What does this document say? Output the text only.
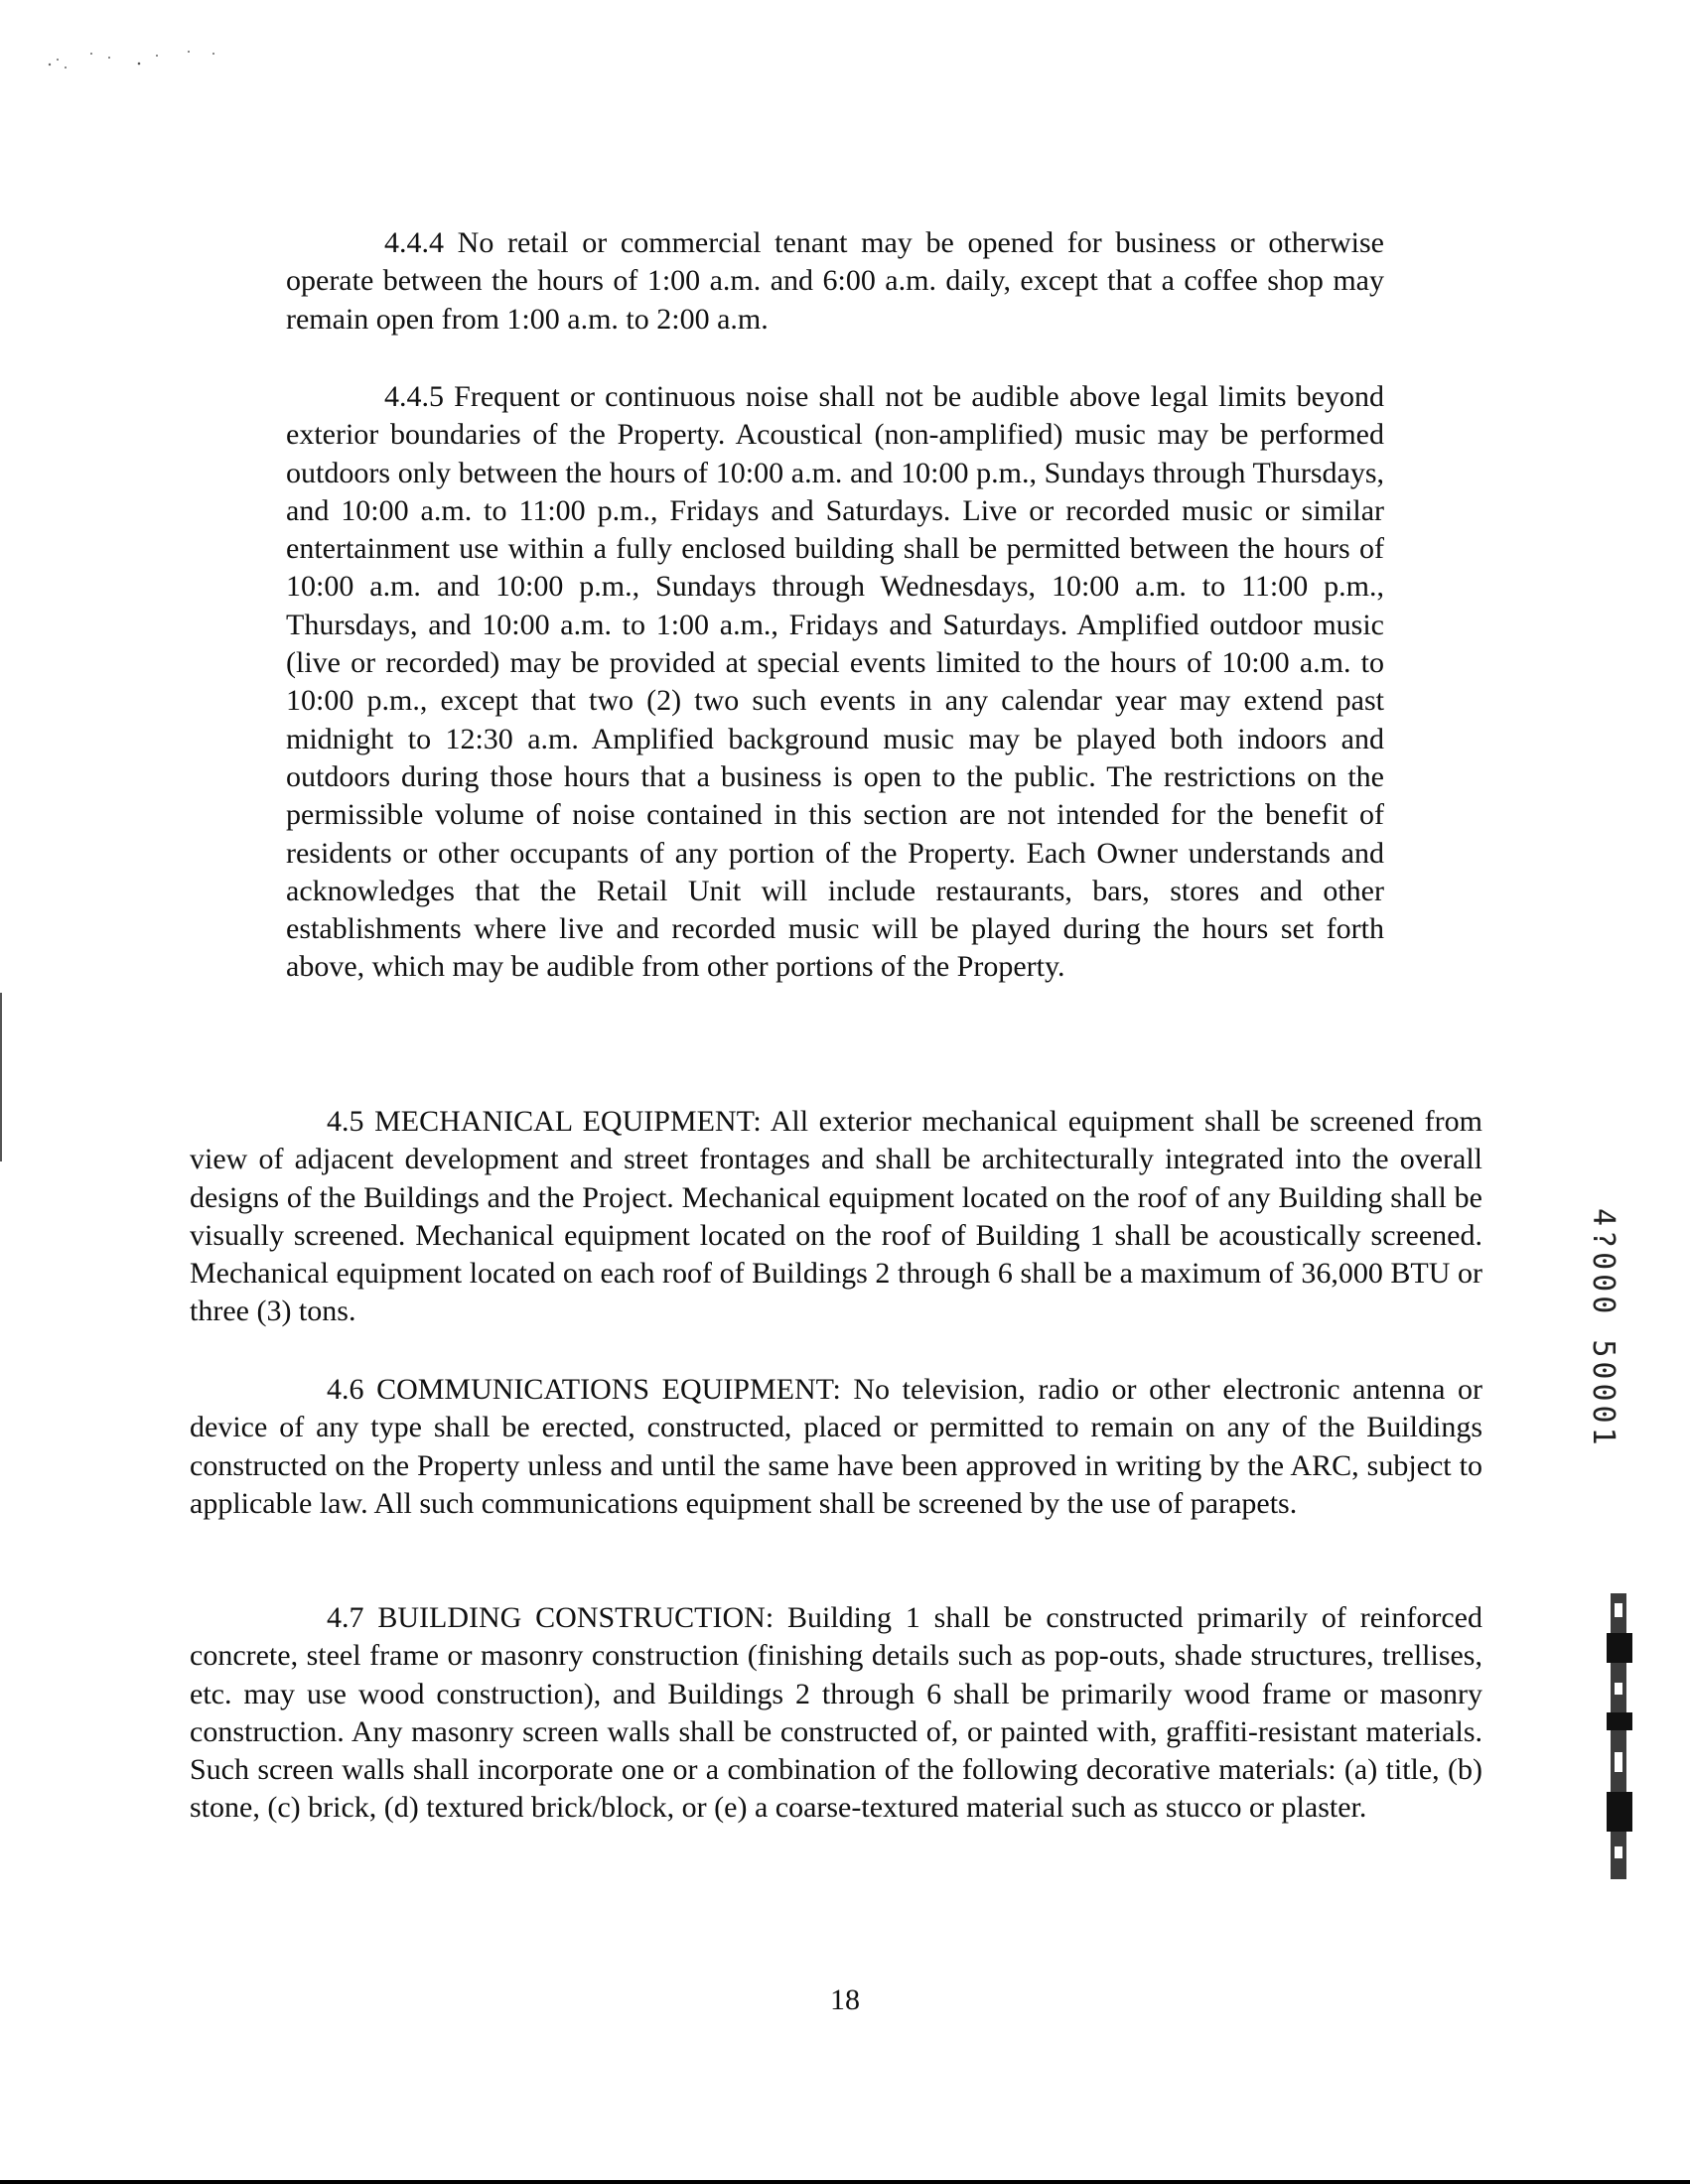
4.4.4 No retail or commercial tenant may be opened for business or otherwise operate between the hours of 1:00 a.m. and 6:00 a.m. daily, except that a coffee shop may remain open from 1:00 a.m. to 2:00 a.m.

4.4.5 Frequent or continuous noise shall not be audible above legal limits beyond exterior boundaries of the Property. Acoustical (non-amplified) music may be performed outdoors only between the hours of 10:00 a.m. and 10:00 p.m., Sundays through Thursdays, and 10:00 a.m. to 11:00 p.m., Fridays and Saturdays. Live or recorded music or similar entertainment use within a fully enclosed building shall be permitted between the hours of 10:00 a.m. and 10:00 p.m., Sundays through Wednesdays, 10:00 a.m. to 11:00 p.m., Thursdays, and 10:00 a.m. to 1:00 a.m., Fridays and Saturdays. Amplified outdoor music (live or recorded) may be provided at special events limited to the hours of 10:00 a.m. to 10:00 p.m., except that two (2) two such events in any calendar year may extend past midnight to 12:30 a.m. Amplified background music may be played both indoors and outdoors during those hours that a business is open to the public. The restrictions on the permissible volume of noise contained in this section are not intended for the benefit of residents or other occupants of any portion of the Property. Each Owner understands and acknowledges that the Retail Unit will include restaurants, bars, stores and other establishments where live and recorded music will be played during the hours set forth above, which may be audible from other portions of the Property.

4.5 MECHANICAL EQUIPMENT: All exterior mechanical equipment shall be screened from view of adjacent development and street frontages and shall be architecturally integrated into the overall designs of the Buildings and the Project. Mechanical equipment located on the roof of any Building shall be visually screened. Mechanical equipment located on the roof of Building 1 shall be acoustically screened. Mechanical equipment located on each roof of Buildings 2 through 6 shall be a maximum of 36,000 BTU or three (3) tons.

4.6 COMMUNICATIONS EQUIPMENT: No television, radio or other electronic antenna or device of any type shall be erected, constructed, placed or permitted to remain on any of the Buildings constructed on the Property unless and until the same have been approved in writing by the ARC, subject to applicable law. All such communications equipment shall be screened by the use of parapets.

4.7 BUILDING CONSTRUCTION: Building 1 shall be constructed primarily of reinforced concrete, steel frame or masonry construction (finishing details such as pop-outs, shade structures, trellises, etc. may use wood construction), and Buildings 2 through 6 shall be primarily wood frame or masonry construction. Any masonry screen walls shall be constructed of, or painted with, graffiti-resistant materials. Such screen walls shall incorporate one or a combination of the following decorative materials: (a) title, (b) stone, (c) brick, (d) textured brick/block, or (e) a coarse-textured material such as stucco or plaster.

4?000 50001
18
